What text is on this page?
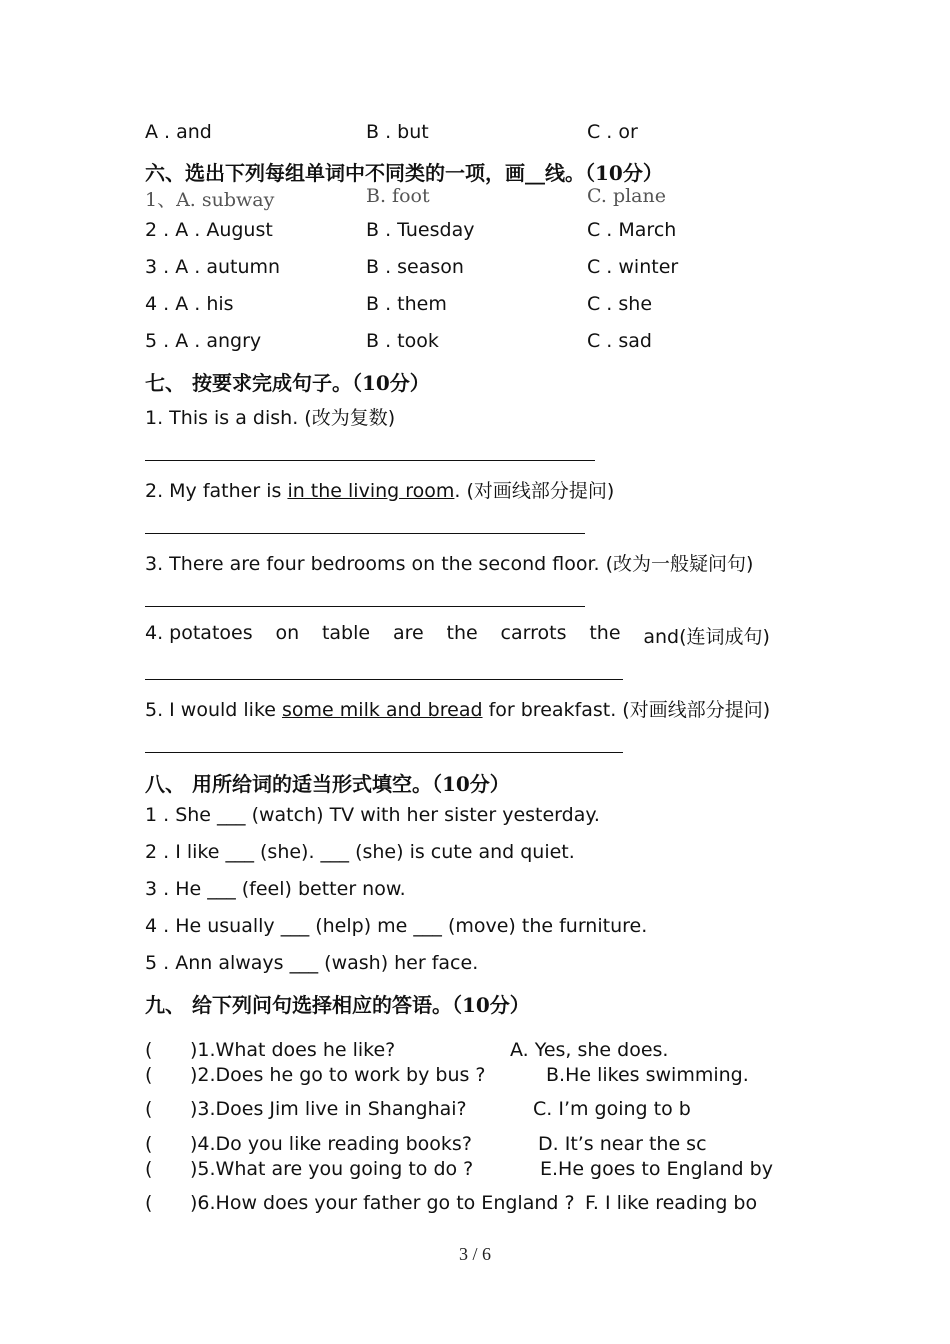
A . and	B . but	C . or
六、选出下列每组单词中不同类的一项，画__线。（10分）
1、A. subway	B. foot	C. plane
2 . A . August	B . Tuesday	C . March
3 . A . autumn	B . season	C . winter
4 . A . his	B . them	C . she
5 . A . angry	B . took	C . sad
七、 按要求完成句子。（10分）
1. This is a dish. (改为复数)
2. My father is in the living room. (对画线部分提问)
3. There are four bedrooms on the second floor. (改为一般疑问句)
4. potatoes on table are the carrots the and(连词成句)
5. I would like some milk and bread for breakfast. (对画线部分提问)
八、 用所给词的适当形式填空。（10分）
1 . She ___ (watch) TV with her sister yesterday.
2 . I like ___ (she). ___ (she) is cute and quiet.
3 . He ___ (feel) better now.
4 . He usually ___ (help) me ___ (move) the furniture.
5 . Ann always ___ (wash) her face.
九、 给下列问句选择相应的答语。（10分）
( )1.What does he like?	A. Yes, she does.
( )2.Does he go to work by bus ?	B.He likes swimming.
( )3.Does Jim live in Shanghai?	C. I’m going to b
( )4.Do you like reading books?	D. It’s near the sc
( )5.What are you going to do ?	E.He goes to England by
( )6.How does your father go to England ? F. I like reading bo
3 / 6
